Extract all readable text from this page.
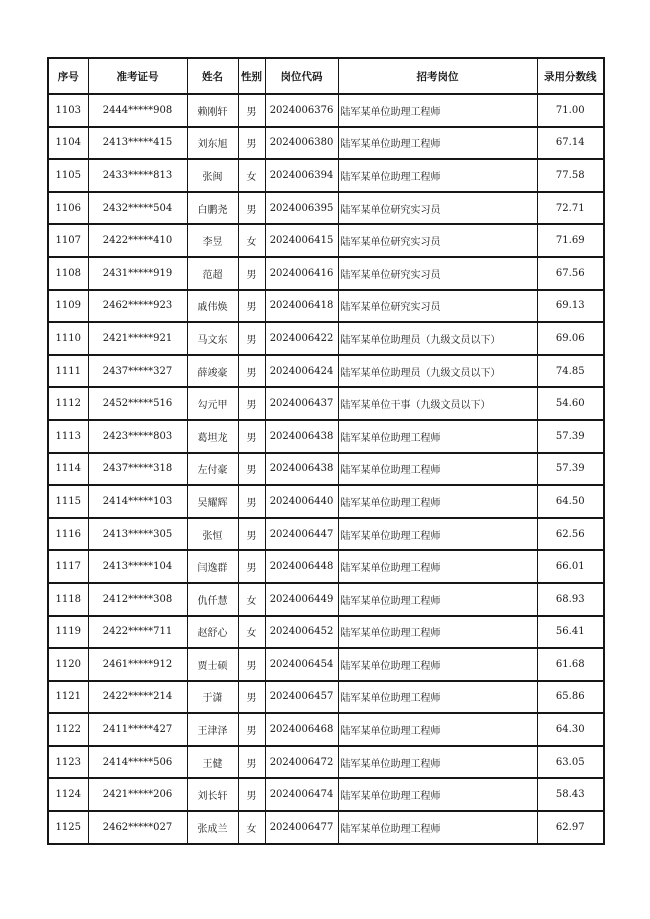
序号	准考证号	姓名	性别	岗位代码	招考岗位	录用分数线
1103	2444*****908	赖刚轩	男	2024006376	陆军某单位助理工程师	71.00
1104	2413*****415	刘东旭	男	2024006380	陆军某单位助理工程师	67.14
1105	2433*****813	张闽	女	2024006394	陆军某单位助理工程师	77.58
1106	2432*****504	白鹏尧	男	2024006395	陆军某单位研究实习员	72.71
1107	2422*****410	李昱	女	2024006415	陆军某单位研究实习员	71.69
1108	2431*****919	范超	男	2024006416	陆军某单位研究实习员	67.56
1109	2462*****923	戚伟焕	男	2024006418	陆军某单位研究实习员	69.13
1110	2421*****921	马文东	男	2024006422	陆军某单位助理员（九级文员以下）	69.06
1111	2437*****327	薛竣豪	男	2024006424	陆军某单位助理员（九级文员以下）	74.85
1112	2452*****516	勾元甲	男	2024006437	陆军某单位干事（九级文员以下）	54.60
1113	2423*****803	葛坦龙	男	2024006438	陆军某单位助理工程师	57.39
1114	2437*****318	左付豪	男	2024006438	陆军某单位助理工程师	57.39
1115	2414*****103	吴耀辉	男	2024006440	陆军某单位助理工程师	64.50
1116	2413*****305	张恒	男	2024006447	陆军某单位助理工程师	62.56
1117	2413*****104	闫逸群	男	2024006448	陆军某单位助理工程师	66.01
1118	2412*****308	仇仟慧	女	2024006449	陆军某单位助理工程师	68.93
1119	2422*****711	赵舒心	女	2024006452	陆军某单位助理工程师	56.41
1120	2461*****912	贾士硕	男	2024006454	陆军某单位助理工程师	61.68
1121	2422*****214	于潇	男	2024006457	陆军某单位助理工程师	65.86
1122	2411*****427	王津泽	男	2024006468	陆军某单位助理工程师	64.30
1123	2414*****506	王健	男	2024006472	陆军某单位助理工程师	63.05
1124	2421*****206	刘长轩	男	2024006474	陆军某单位助理工程师	58.43
1125	2462*****027	张成兰	女	2024006477	陆军某单位助理工程师	62.97
